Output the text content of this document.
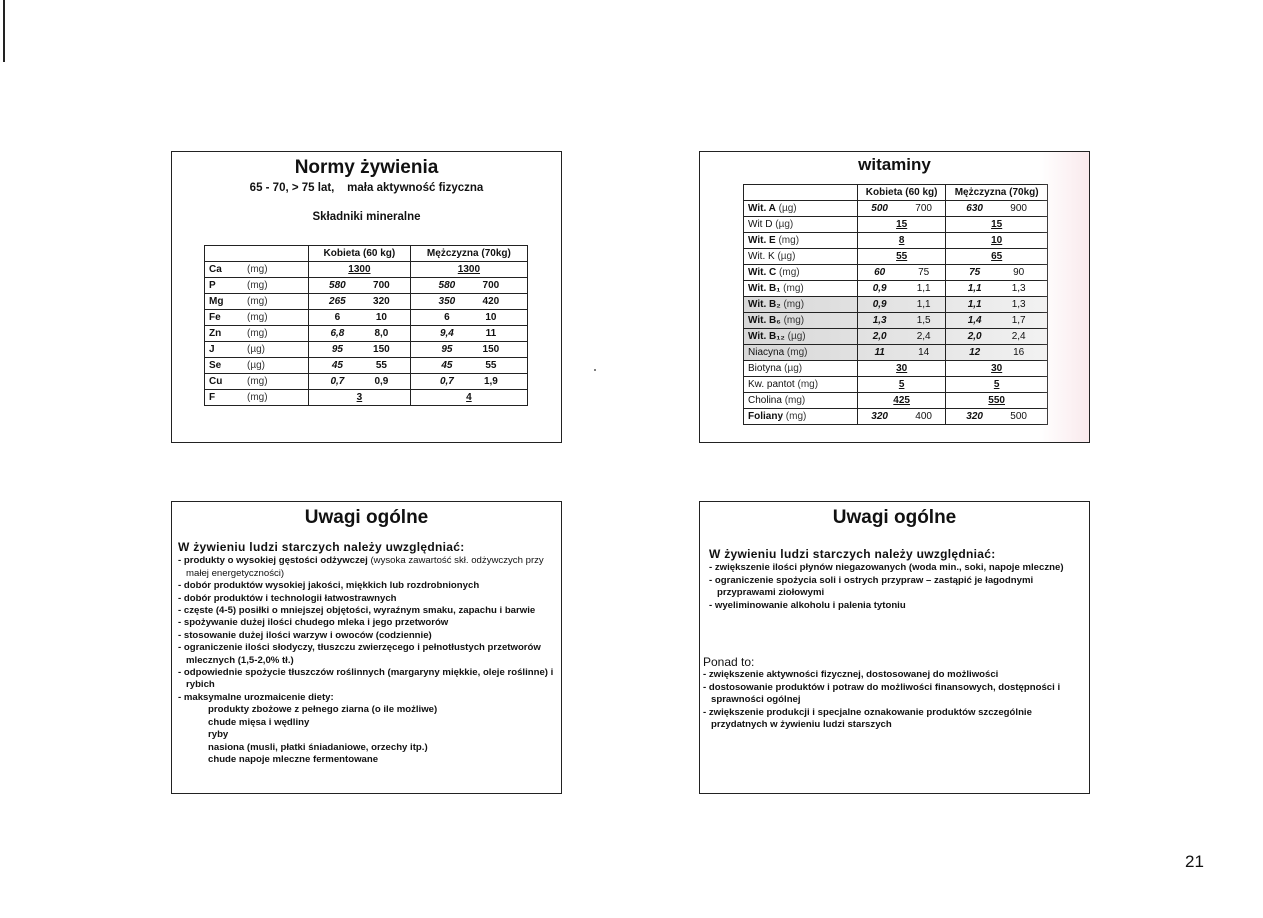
Normy żywienia
65 - 70, > 75 lat,    mała aktywność fizyczna
Składniki mineralne
	Kobieta (60 kg)	Mężczyzna (70kg)
Ca (mg)	1300	1300
P (mg)	580 700	580 700

Mg (mg)	265 320	350 420

Fe (mg)	6 10	6 10

Zn (mg)	6,8 8,0	9,4 11

J (µg)	95 150	95 150

Se (µg)	45 55	45 55

Cu (mg)	0,7 0,9	0,7 1,9

F (mg)	3	4
witaminy
	Kobieta (60 kg)	Mężczyzna (70kg)
Wit. A (µg)	500 700	630 900

Wit D (µg)	15	15
Wit. E (mg)	8	10
Wit. K (µg)	55	65
Wit. C (mg)	60 75	75 90

Wit. B₁ (mg)	0,9 1,1	1,1 1,3

Wit. B₂ (mg)	0,9 1,1	1,1 1,3

Wit. B₆ (mg)	1,3 1,5	1,4 1,7

Wit. B₁₂ (µg)	2,0 2,4	2,0 2,4

Niacyna (mg)	11 14	12 16

Biotyna (µg)	30	30
Kw. pantot (mg)	5	5
Cholina (mg)	425	550
Foliany (mg)	320 400	320 500
Uwagi ogólne
W żywieniu ludzi starczych należy uwzględniać:
- produkty o wysokiej gęstości odżywczej (wysoka zawartość skł. odżywczych przy małej energetyczności)
- dobór produktów wysokiej jakości, miękkich lub rozdrobnionych
- dobór produktów i technologii łatwostrawnych
- częste (4-5) posiłki o mniejszej objętości, wyraźnym smaku, zapachu i barwie
- spożywanie dużej ilości chudego mleka i jego przetworów
- stosowanie dużej ilości warzyw i owoców (codziennie)
- ograniczenie ilości słodyczy, tłuszczu zwierzęcego i pełnotłustych przetworów mlecznych (1,5-2,0% tł.)
- odpowiednie spożycie tłuszczów roślinnych (margaryny miękkie, oleje roślinne) i rybich
- maksymalne urozmaicenie diety:
produkty zbożowe z pełnego ziarna (o ile możliwe)
chude mięsa i wędliny
ryby
nasiona (musli, płatki śniadaniowe, orzechy itp.)
chude napoje mleczne fermentowane
Uwagi ogólne
W żywieniu ludzi starczych należy uwzględniać:
- zwiększenie ilości płynów niegazowanych (woda min., soki, napoje mleczne)
- ograniczenie spożycia soli i ostrych przypraw – zastąpić je łagodnymi przyprawami ziołowymi
- wyeliminowanie alkoholu i palenia tytoniu
Ponad to:
- zwiększenie aktywności fizycznej, dostosowanej do możliwości
- dostosowanie produktów i potraw do możliwości finansowych, dostępności i sprawności ogólnej
- zwiększenie produkcji i specjalne oznakowanie produktów szczególnie przydatnych w żywieniu ludzi starszych
21
